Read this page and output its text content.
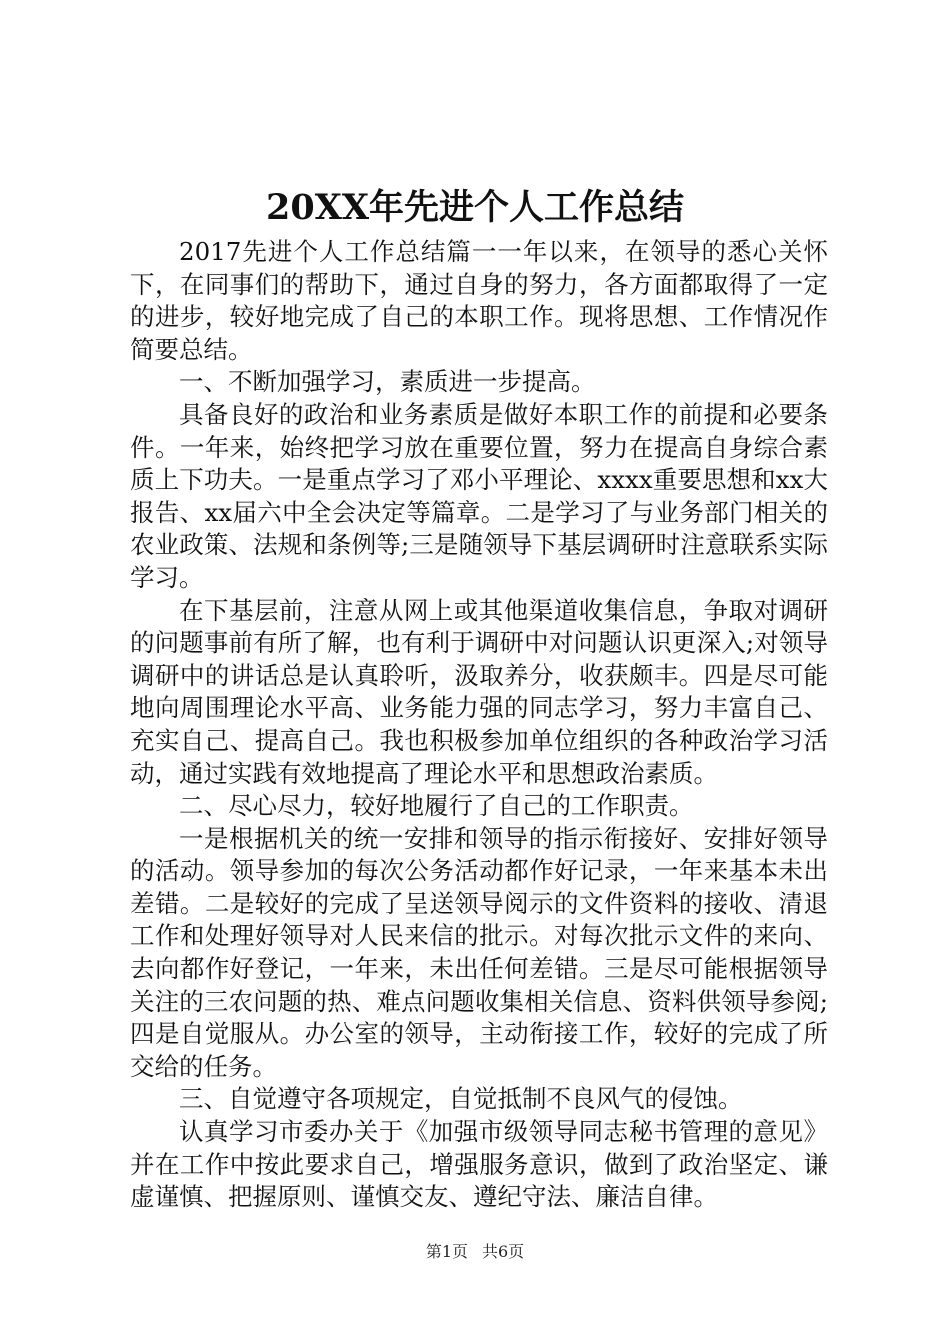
20XX年先进个人工作总结

2017先进个人工作总结篇一一年以来，在领导的悉心关怀下，在同事们的帮助下，通过自身的努力，各方面都取得了一定的进步，较好地完成了自己的本职工作。现将思想、工作情况作简要总结。

一、不断加强学习，素质进一步提高。

具备良好的政治和业务素质是做好本职工作的前提和必要条件。一年来，始终把学习放在重要位置，努力在提高自身综合素质上下功夫。一是重点学习了邓小平理论、xxxx重要思想和xx大报告、xx届六中全会决定等篇章。二是学习了与业务部门相关的农业政策、法规和条例等;三是随领导下基层调研时注意联系实际学习。

在下基层前，注意从网上或其他渠道收集信息，争取对调研的问题事前有所了解，也有利于调研中对问题认识更深入;对领导调研中的讲话总是认真聆听，汲取养分，收获颇丰。四是尽可能地向周围理论水平高、业务能力强的同志学习，努力丰富自己、充实自己、提高自己。我也积极参加单位组织的各种政治学习活动，通过实践有效地提高了理论水平和思想政治素质。

二、尽心尽力，较好地履行了自己的工作职责。

一是根据机关的统一安排和领导的指示衔接好、安排好领导的活动。领导参加的每次公务活动都作好记录，一年来基本未出差错。二是较好的完成了呈送领导阅示的文件资料的接收、清退工作和处理好领导对人民来信的批示。对每次批示文件的来向、去向都作好登记，一年来，未出任何差错。三是尽可能根据领导关注的三农问题的热、难点问题收集相关信息、资料供领导参阅;四是自觉服从。办公室的领导，主动衔接工作，较好的完成了所交给的任务。

三、自觉遵守各项规定，自觉抵制不良风气的侵蚀。

认真学习市委办关于《加强市级领导同志秘书管理的意见》并在工作中按此要求自己，增强服务意识，做到了政治坚定、谦虚谨慎、把握原则、谨慎交友、遵纪守法、廉洁自律。

第1页 共6页
